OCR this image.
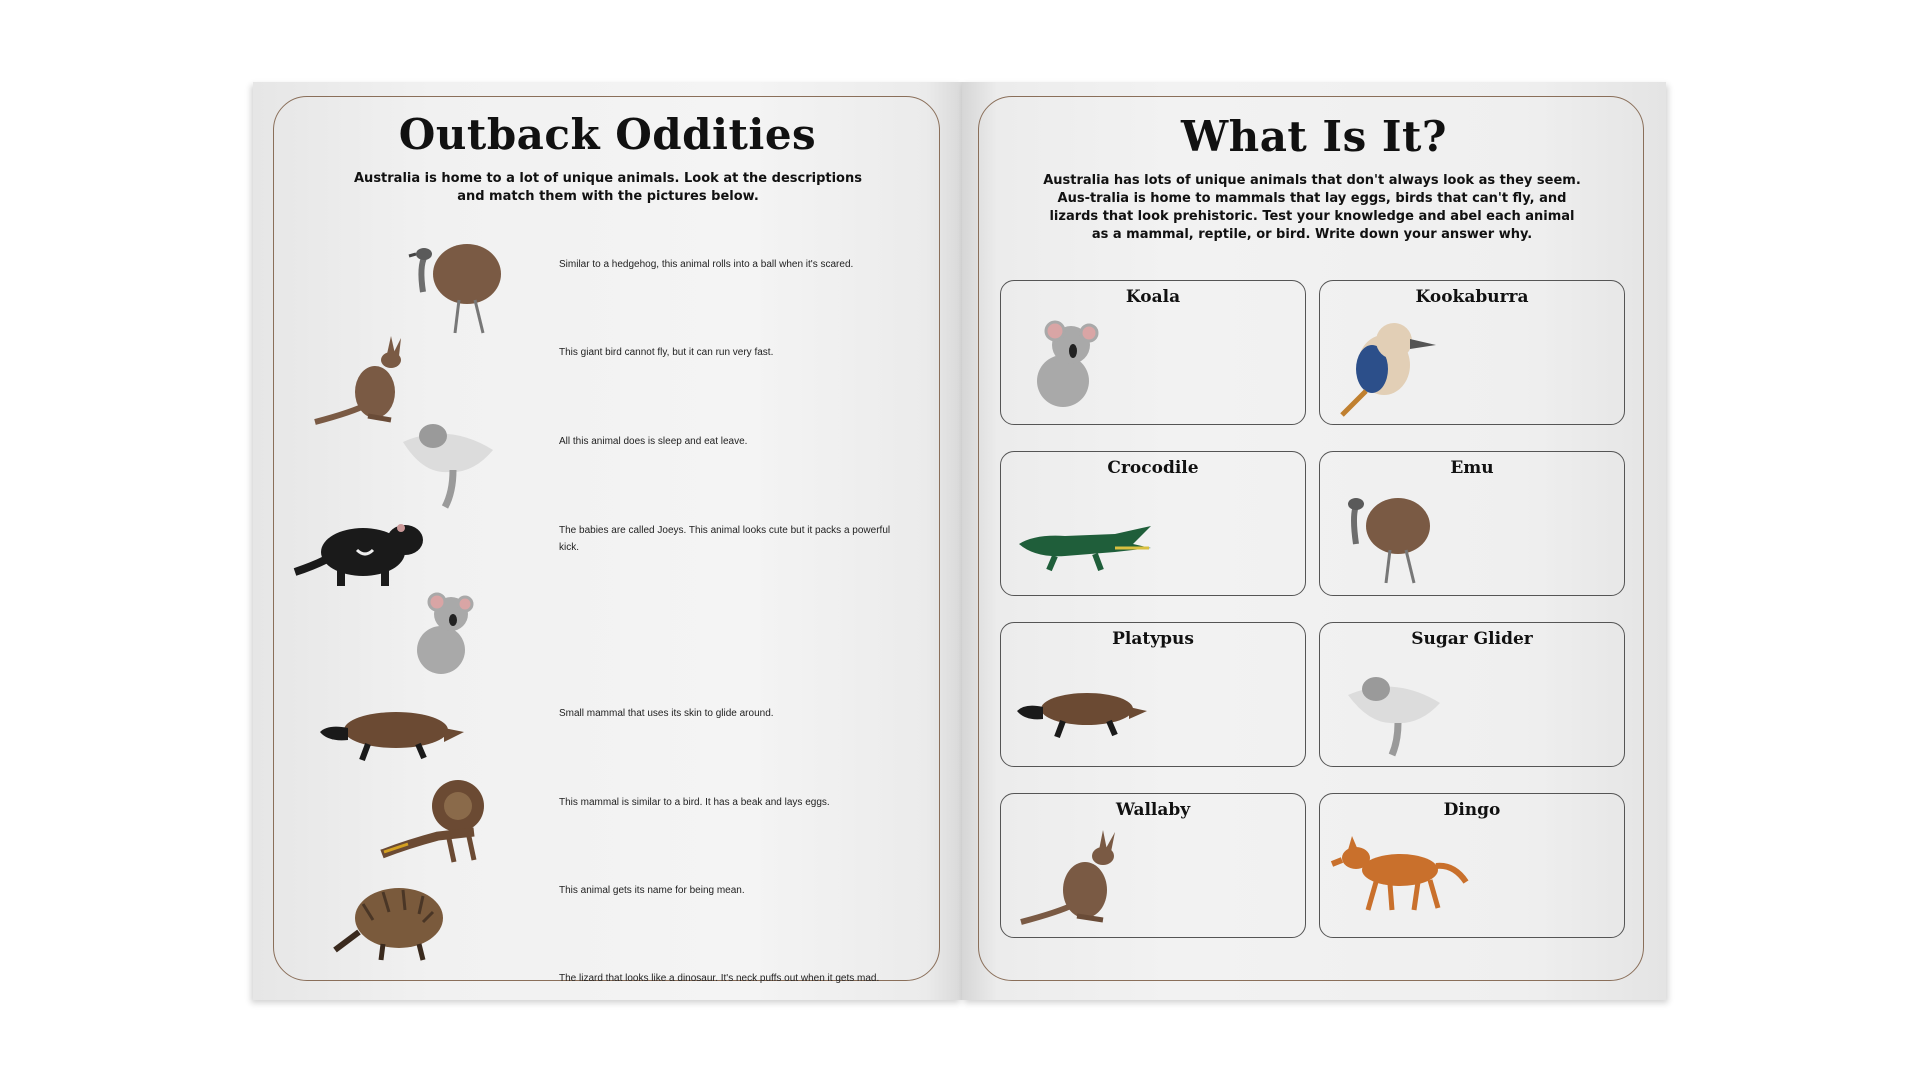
Outback Oddities
Australia is home to a lot of unique animals. Look at the descriptions and match them with the pictures below.
Similar to a hedgehog, this animal rolls into a ball when it's scared.
This giant bird cannot fly, but it can run very fast.
All this animal does is sleep and eat leave.
The babies are called Joeys. This animal looks cute but it packs a powerful kick.
Small mammal that uses its skin to glide around.
This mammal is similar to a bird. It has a beak and lays eggs.
This animal gets its name for being mean.
The lizard that looks like a dinosaur. It's neck puffs out when it gets mad.
What Is It?
Australia has lots of unique animals that don't always look as they seem. Aus-tralia is home to mammals that lay eggs, birds that can't fly, and lizards that look prehistoric. Test your knowledge and abel each animal as a mammal, reptile, or bird. Write down your answer why.
Koala	Kookaburra
Crocodile	Emu
Platypus	Sugar Glider
Wallaby	Dingo
